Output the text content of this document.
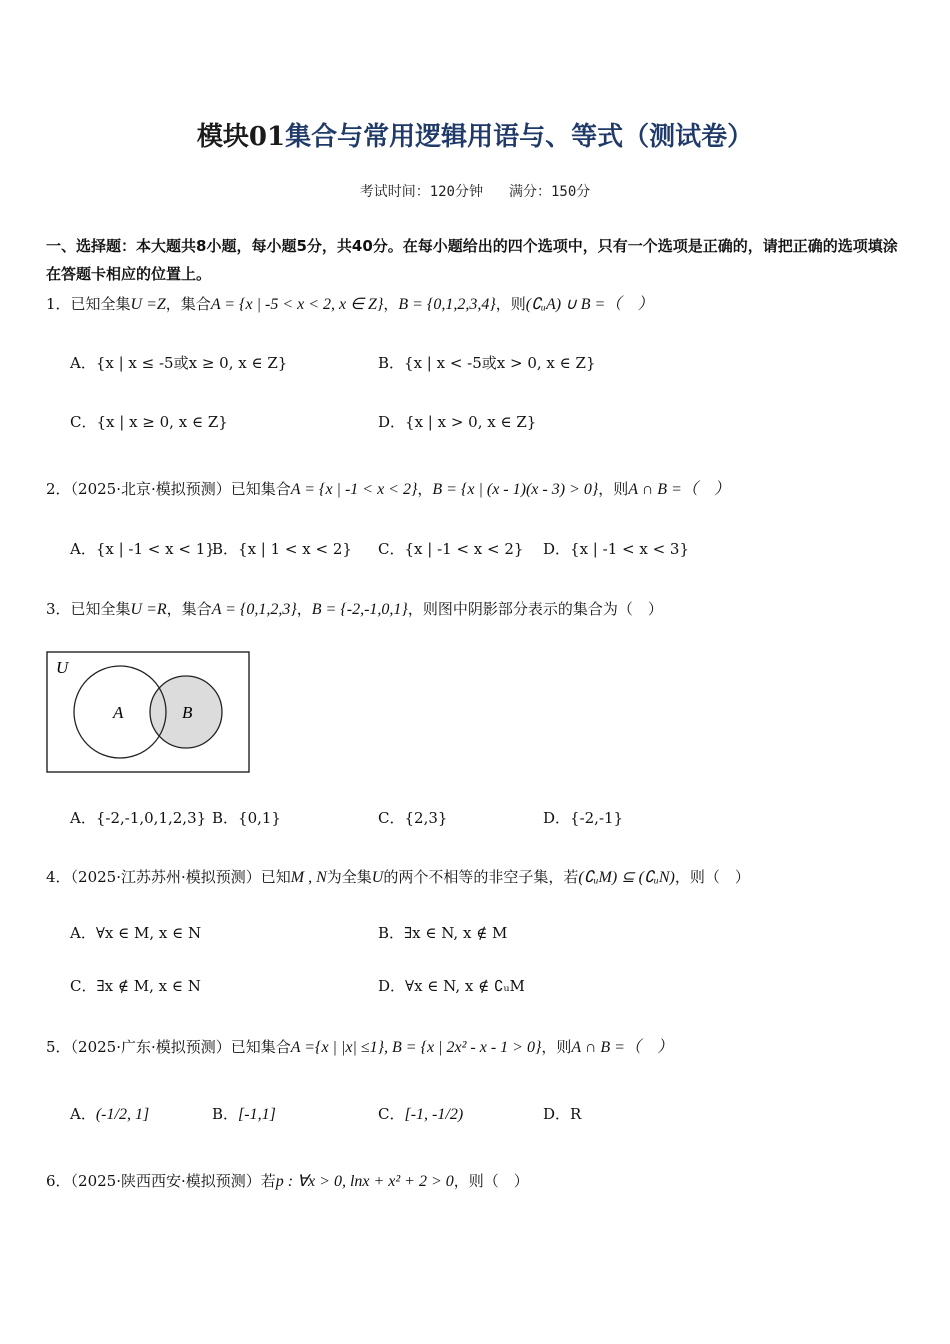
模块01集合与常用逻辑用语与、等式（测试卷）
考试时间：120分钟 满分：150分
一、选择题：本大题共8小题，每小题5分，共40分。在每小题给出的四个选项中，只有一个选项是正确的，请把正确的选项填涂在答题卡相应的位置上。
1．已知全集U =Z，集合A = {x | -5 < x < 2, x ∈ Z}，B = {0,1,2,3,4}，则(∁ᵤA) ∪ B =（　）
A．{x | x ≤ -5或x ≥ 0, x ∈ Z}	B．{x | x < -5或x > 0, x ∈ Z}
C．{x | x ≥ 0, x ∈ Z}	D．{x | x > 0, x ∈ Z}
2．（2025·北京·模拟预测）已知集合A = {x | -1 < x < 2}，B = {x | (x - 1)(x - 3) > 0}，则A ∩ B =（　）
A．{x | -1 < x < 1}
B．{x | 1 < x < 2} C．{x | -1 < x < 2} D．{x | -1 < x < 3}
3．已知全集U =R，集合A = {0,1,2,3}，B = {-2,-1,0,1}，则图中阴影部分表示的集合为（　）
U
A	B
A．{-2,-1,0,1,2,3} B．{0,1}	C．{2,3}	D．{-2,-1}
4．（2025·江苏苏州·模拟预测）已知M , N为全集U的两个不相等的非空子集，若(∁ᵤM) ⊆ (∁ᵤN)，则（　）
A．∀x ∈ M, x ∈ N	B．∃x ∈ N, x ∉ M
C．∃x ∉ M, x ∈ N	D．∀x ∈ N, x ∉ ∁ᵤM
5．（2025·广东·模拟预测）已知集合A ={x | |x| ≤1}, B = {x | 2x² - x - 1 > 0}，则A ∩ B =（　）
A．(-1/2, 1]	B．[-1,1]	C．[-1, -1/2)	D．R
6．（2025·陕西西安·模拟预测）若p : ∀x > 0, lnx + x² + 2 > 0，则（　）
